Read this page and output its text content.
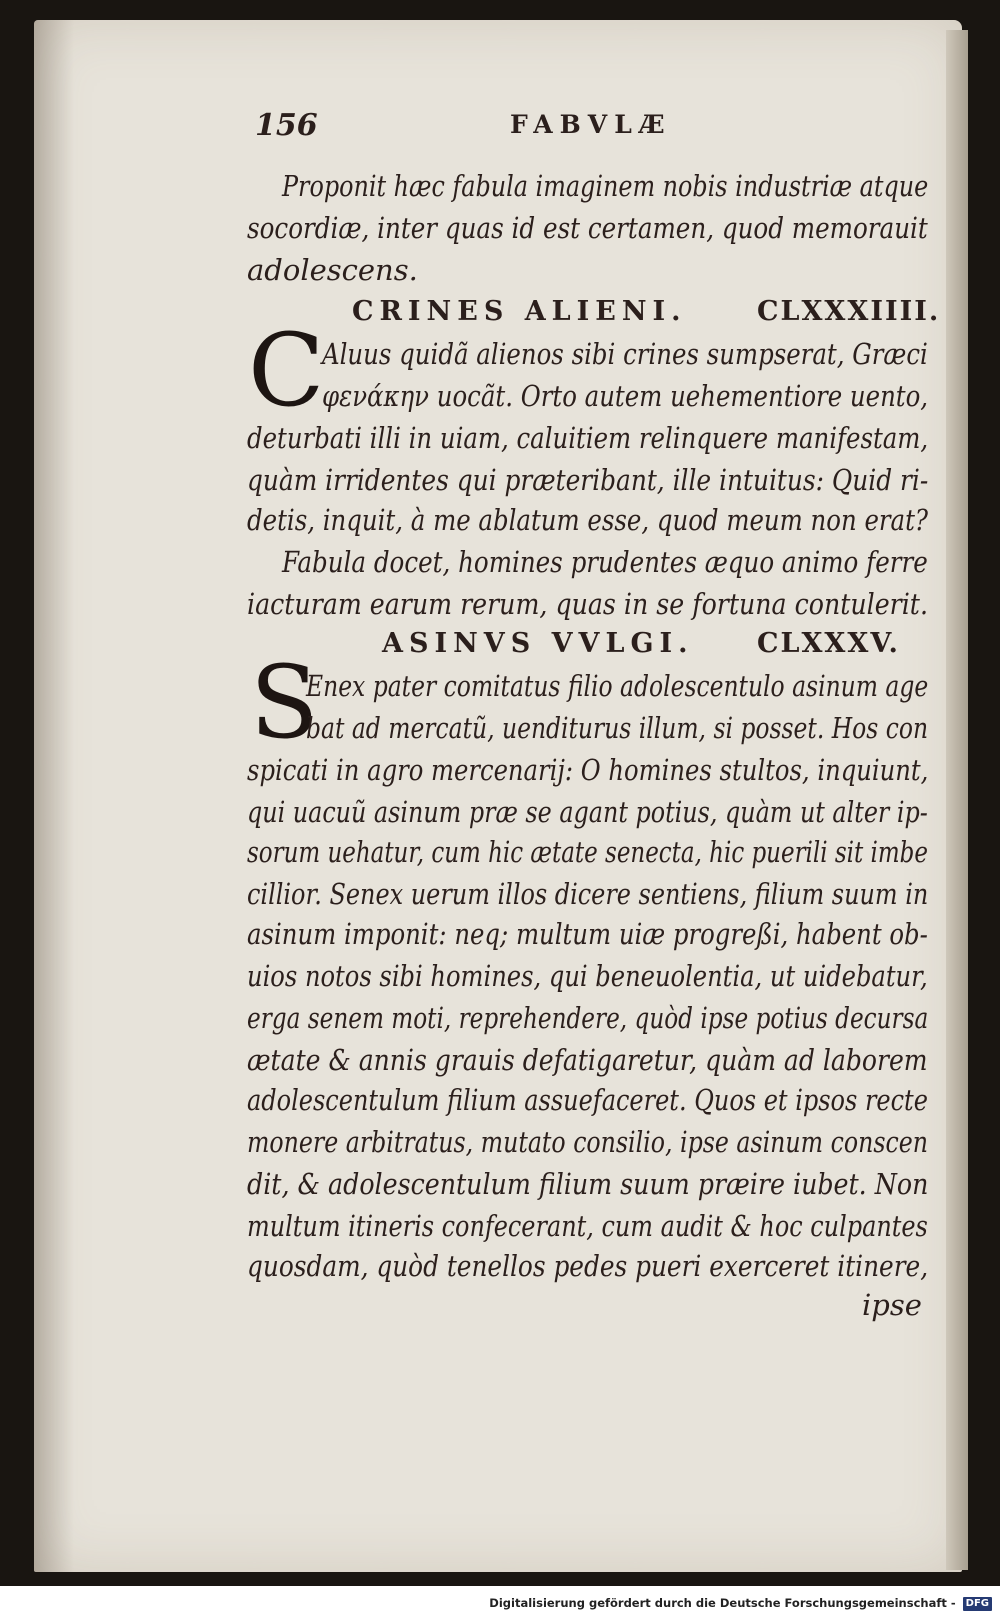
156	FABVLÆ
Proponit hæc fabula imaginem nobis industriæ atque
socordiæ, inter quas id est certamen, quod memorauit
adolescens.
CRINES ALIENI.	CLXXXIIII.
C
Aluus quidã alienos sibi crines sumpserat, Græci
φενάκην uocãt. Orto autem uehementiore uento,
deturbati illi in uiam, caluitiem relinquere manifestam,
quàm irridentes qui præteribant, ille intuitus: Quid ri-
detis, inquit, à me ablatum esse, quod meum non erat?
Fabula docet, homines prudentes æquo animo ferre
iacturam earum rerum, quas in se fortuna contulerit.
ASINVS VVLGI. CLXXXV.
S
Enex pater comitatus filio adolescentulo asinum age
bat ad mercatũ, uenditurus illum, si posset. Hos con
spicati in agro mercenarij: O homines stultos, inquiunt,
qui uacuũ asinum præ se agant potius, quàm ut alter ip-
sorum uehatur, cum hic ætate senecta, hic puerili sit imbe
cillior. Senex uerum illos dicere sentiens, filium suum in
asinum imponit: neq; multum uiæ progreßi, habent ob-
uios notos sibi homines, qui beneuolentia, ut uidebatur,
erga senem moti, reprehendere, quòd ipse potius decursa
ætate & annis grauis defatigaretur, quàm ad laborem
adolescentulum filium assuefaceret. Quos et ipsos recte
monere arbitratus, mutato consilio, ipse asinum conscen
dit, & adolescentulum filium suum præire iubet. Non
multum itineris confecerant, cum audit & hoc culpantes
quosdam, quòd tenellos pedes pueri exerceret itinere,
ipse
Digitalisierung gefördert durch die Deutsche Forschungsgemeinschaft - DFG
